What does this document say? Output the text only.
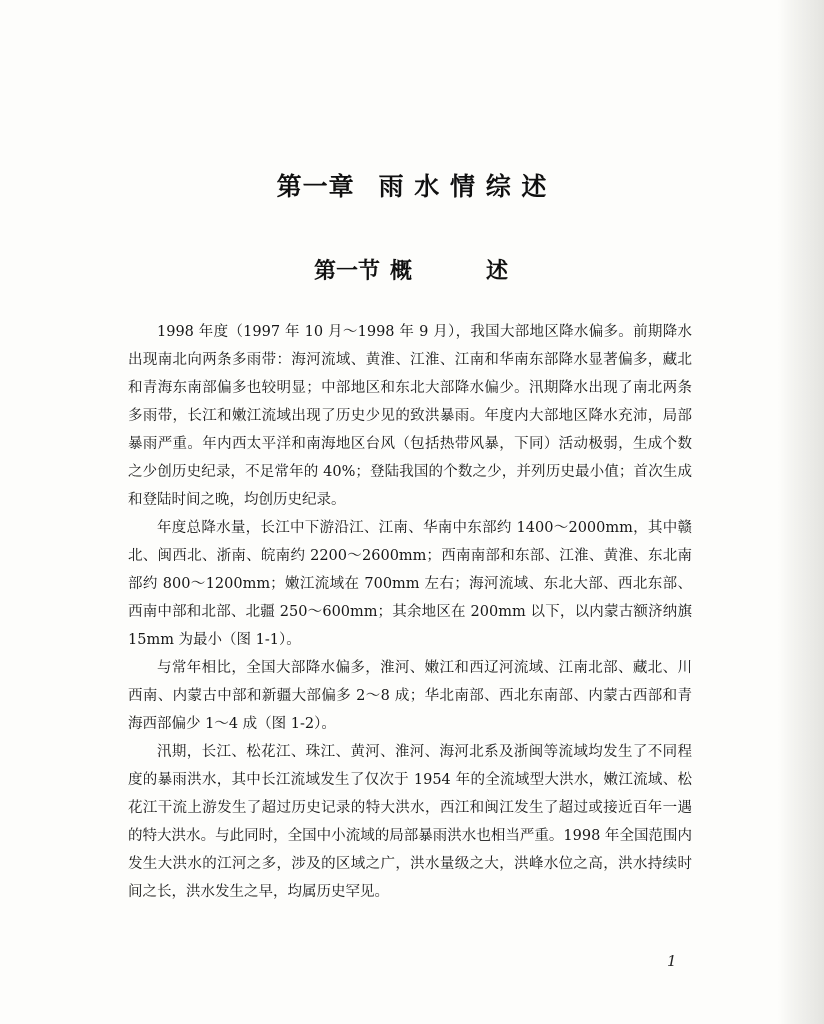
第一章 雨 水 情 综 述
第一节 概	述

1998 年度（1997 年 10 月～1998 年 9 月），我国大部地区降水偏多。前期降水出现南北向两条多雨带：海河流域、黄淮、江淮、江南和华南东部降水显著偏多，藏北和青海东南部偏多也较明显；中部地区和东北大部降水偏少。汛期降水出现了南北两条多雨带，长江和嫩江流域出现了历史少见的致洪暴雨。年度内大部地区降水充沛，局部暴雨严重。年内西太平洋和南海地区台风（包括热带风暴，下同）活动极弱，生成个数之少创历史纪录，不足常年的 40%；登陆我国的个数之少，并列历史最小值；首次生成和登陆时间之晚，均创历史纪录。

年度总降水量，长江中下游沿江、江南、华南中东部约 1400～2000mm，其中赣北、闽西北、浙南、皖南约 2200～2600mm；西南南部和东部、江淮、黄淮、东北南部约 800～1200mm；嫩江流域在 700mm 左右；海河流域、东北大部、西北东部、西南中部和北部、北疆 250～600mm；其余地区在 200mm 以下，以内蒙古额济纳旗 15mm 为最小（图 1-1）。

与常年相比，全国大部降水偏多，淮河、嫩江和西辽河流域、江南北部、藏北、川西南、内蒙古中部和新疆大部偏多 2～8 成；华北南部、西北东南部、内蒙古西部和青海西部偏少 1～4 成（图 1-2）。

汛期，长江、松花江、珠江、黄河、淮河、海河北系及浙闽等流域均发生了不同程度的暴雨洪水，其中长江流域发生了仅次于 1954 年的全流域型大洪水，嫩江流域、松花江干流上游发生了超过历史记录的特大洪水，西江和闽江发生了超过或接近百年一遇的特大洪水。与此同时，全国中小流域的局部暴雨洪水也相当严重。1998 年全国范围内发生大洪水的江河之多，涉及的区域之广，洪水量级之大，洪峰水位之高，洪水持续时间之长，洪水发生之早，均属历史罕见。

1
